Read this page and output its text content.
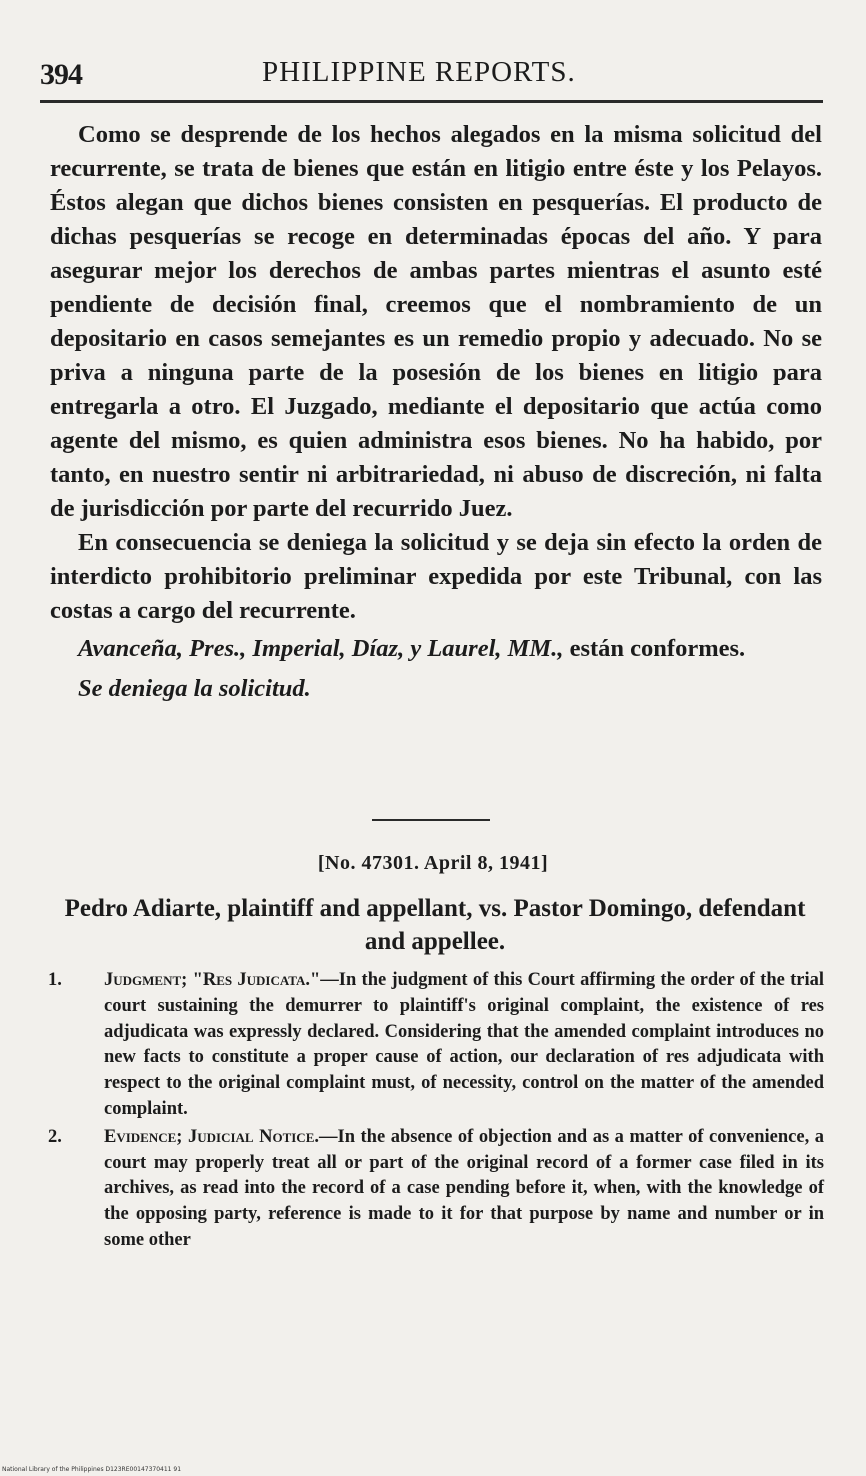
394	PHILIPPINE REPORTS.

Como se desprende de los hechos alegados en la misma solicitud del recurrente, se trata de bienes que están en litigio entre éste y los Pelayos. Éstos alegan que dichos bienes consisten en pesquerías. El producto de dichas pesquerías se recoge en determinadas épocas del año. Y para asegurar mejor los derechos de ambas partes mientras el asunto esté pendiente de decisión final, creemos que el nombramiento de un depositario en casos semejantes es un remedio propio y adecuado. No se priva a ninguna parte de la posesión de los bienes en litigio para entregarla a otro. El Juzgado, mediante el depositario que actúa como agente del mismo, es quien administra esos bienes. No ha habido, por tanto, en nuestro sentir ni arbitrariedad, ni abuso de discreción, ni falta de jurisdicción por parte del recurrido Juez.

En consecuencia se deniega la solicitud y se deja sin efecto la orden de interdicto prohibitorio preliminar expedida por este Tribunal, con las costas a cargo del recurrente.

Avanceña, Pres., Imperial, Díaz, y Laurel, MM., están conformes.

Se deniega la solicitud.

[No. 47301. April 8, 1941]
Pedro Adiarte, plaintiff and appellant, vs. Pastor Domingo, defendant and appellee.
1. Judgment; "Res Judicata."—In the judgment of this Court affirming the order of the trial court sustaining the demurrer to plaintiff's original complaint, the existence of res adjudicata was expressly declared. Considering that the amended complaint introduces no new facts to constitute a proper cause of action, our declaration of res adjudicata with respect to the original complaint must, of necessity, control on the matter of the amended complaint.
2. Evidence; Judicial Notice.—In the absence of objection and as a matter of convenience, a court may properly treat all or part of the original record of a former case filed in its archives, as read into the record of a case pending before it, when, with the knowledge of the opposing party, reference is made to it for that purpose by name and number or in some other
National Library of the Philippines D123RE00147370411 91
